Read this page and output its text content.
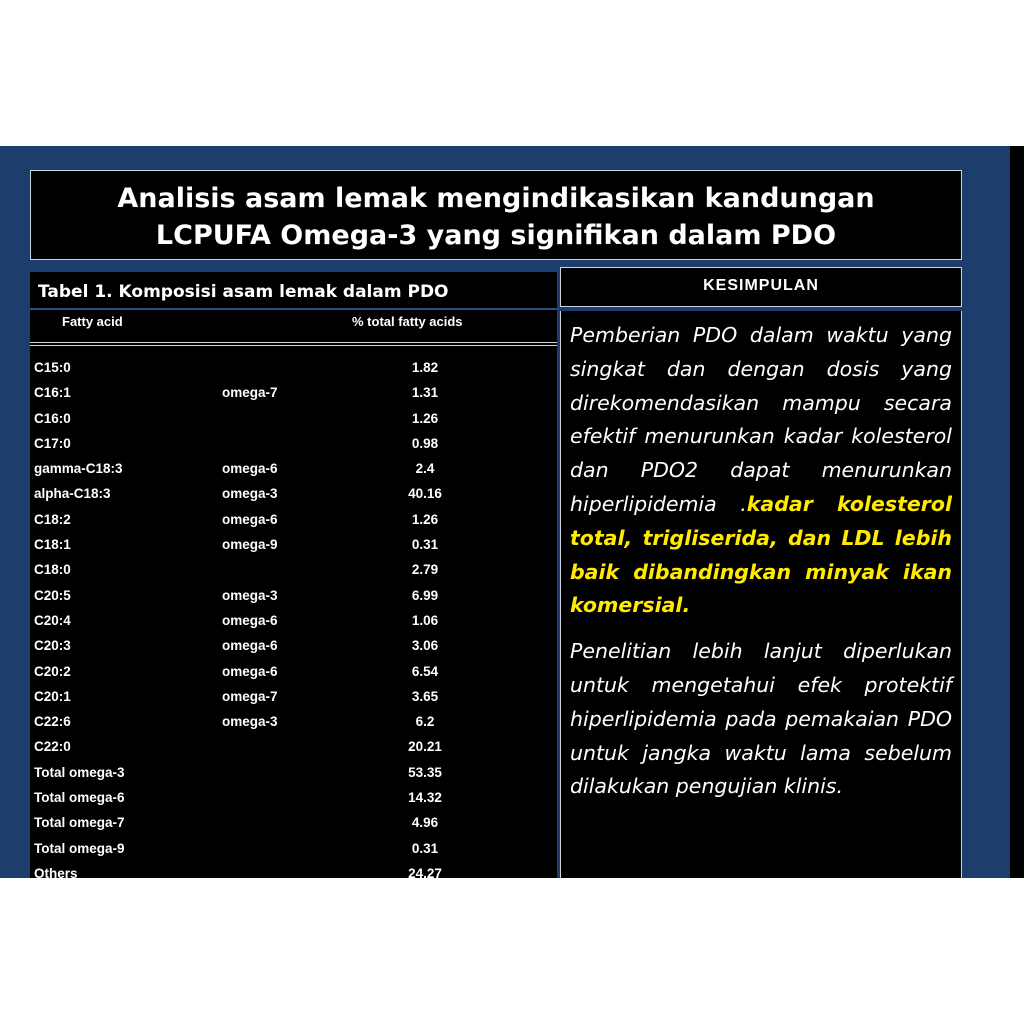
Analisis asam lemak mengindikasikan kandungan
LCPUFA Omega-3 yang signifikan dalam PDO
Tabel 1. Komposisi asam lemak dalam PDO
Fatty acid	% total fatty acids
C15:0	1.82
C16:1	omega-7	1.31
C16:0	1.26
C17:0	0.98
gamma-C18:3	omega-6	2.4
alpha-C18:3	omega-3	40.16
C18:2	omega-6	1.26
C18:1	omega-9	0.31
C18:0	2.79
C20:5	omega-3	6.99
C20:4	omega-6	1.06
C20:3	omega-6	3.06
C20:2	omega-6	6.54
C20:1	omega-7	3.65
C22:6	omega-3	6.2
C22:0	20.21
Total omega-3	53.35
Total omega-6	14.32
Total omega-7	4.96
Total omega-9	0.31
Others	24.27
KESIMPULAN

Pemberian PDO dalam waktu yang singkat dan dengan dosis yang direkomendasikan mampu secara efektif menurunkan kadar kolesterol dan PDO2 dapat menurunkan hiperlipidemia .kadar kolesterol total, trigliserida, dan LDL lebih baik dibandingkan minyak ikan komersial.

Penelitian lebih lanjut diperlukan untuk mengetahui efek protektif hiperlipidemia pada pemakaian PDO untuk jangka waktu lama sebelum dilakukan pengujian klinis.
